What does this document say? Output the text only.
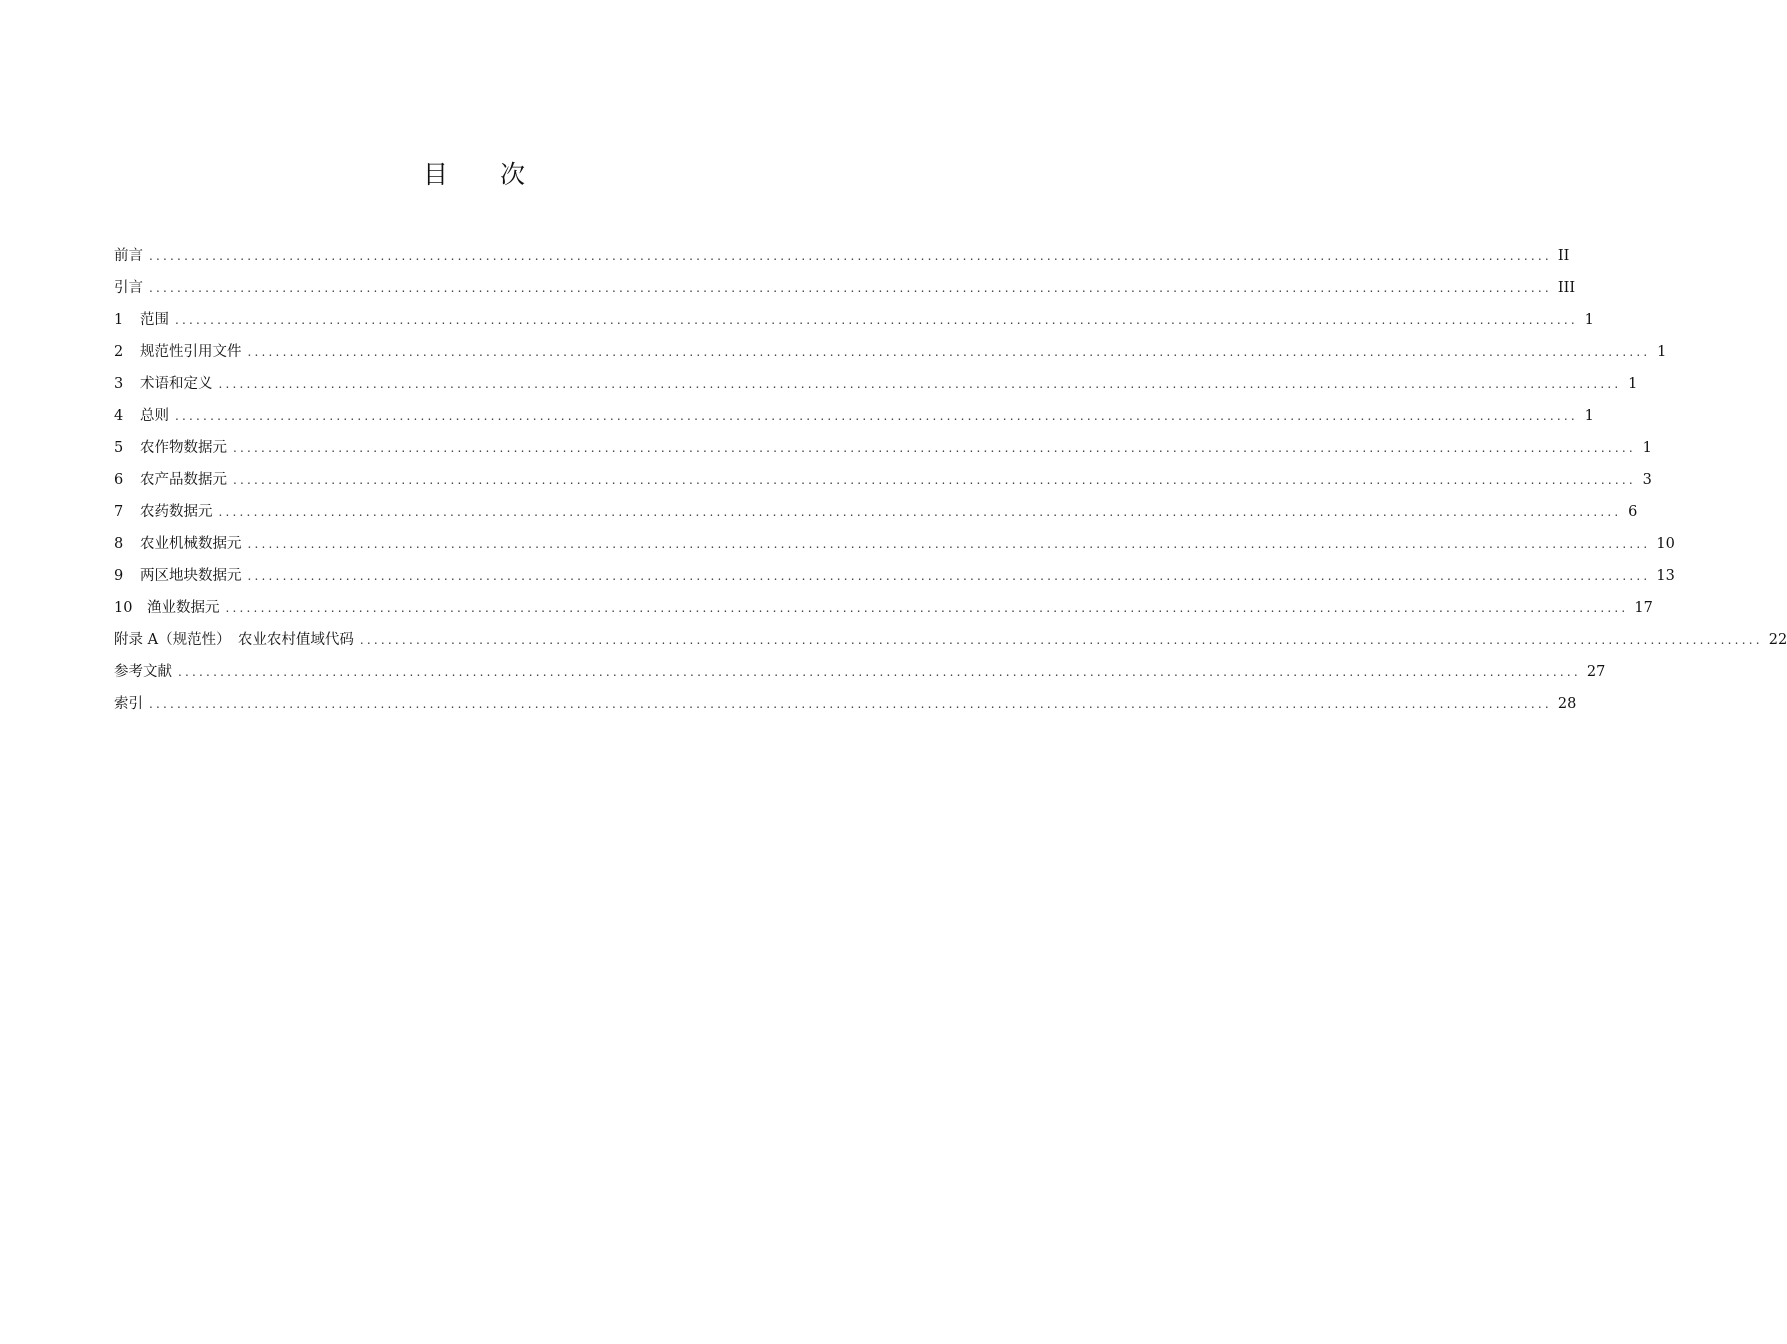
目 次
前言 ........................................................................................................................................................................................................ II
引言 ........................................................................................................................................................................................................ III
1	范围 ........................................................................................................................................................................................................ 1
2	规范性引用文件 ........................................................................................................................................................................................................ 1
3	术语和定义 ........................................................................................................................................................................................................ 1
4	总则 ........................................................................................................................................................................................................ 1
5	农作物数据元 ........................................................................................................................................................................................................ 1
6	农产品数据元 ........................................................................................................................................................................................................ 3
7	农药数据元 ........................................................................................................................................................................................................ 6
8	农业机械数据元 ........................................................................................................................................................................................................ 10
9	两区地块数据元 ........................................................................................................................................................................................................ 13
10	渔业数据元 ........................................................................................................................................................................................................ 17
附录 A（规范性）　农业农村值域代码 ........................................................................................................................................................................................................ 22
参考文献 ........................................................................................................................................................................................................ 27
索引 ........................................................................................................................................................................................................ 28
